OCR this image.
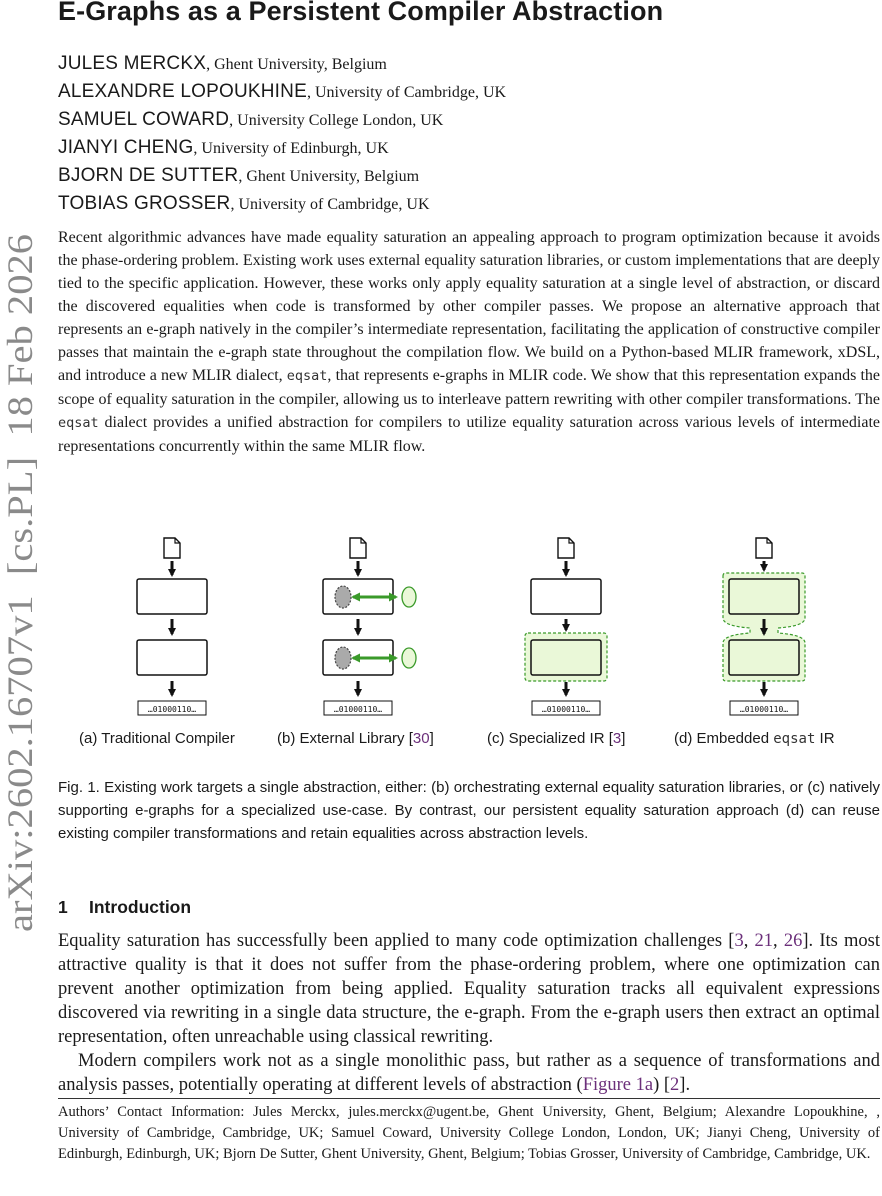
arXiv:2602.16707v1  [cs.PL]  18 Feb 2026
E-Graphs as a Persistent Compiler Abstraction
JULES MERCKX, Ghent University, Belgium
ALEXANDRE LOPOUKHINE, University of Cambridge, UK
SAMUEL COWARD, University College London, UK
JIANYI CHENG, University of Edinburgh, UK
BJORN DE SUTTER, Ghent University, Belgium
TOBIAS GROSSER, University of Cambridge, UK
Recent algorithmic advances have made equality saturation an appealing approach to program optimization because it avoids the phase-ordering problem. Existing work uses external equality saturation libraries, or custom implementations that are deeply tied to the specific application. However, these works only apply equality saturation at a single level of abstraction, or discard the discovered equalities when code is transformed by other compiler passes. We propose an alternative approach that represents an e-graph natively in the compiler’s intermediate representation, facilitating the application of constructive compiler passes that maintain the e-graph state throughout the compilation flow. We build on a Python-based MLIR framework, xDSL, and introduce a new MLIR dialect, eqsat, that represents e-graphs in MLIR code. We show that this representation expands the scope of equality saturation in the compiler, allowing us to interleave pattern rewriting with other compiler transformations. The eqsat dialect provides a unified abstraction for compilers to utilize equality saturation across various levels of intermediate representations concurrently within the same MLIR flow.
…01000110…	…01000110…	…01000110…	…01000110…
(a) Traditional Compiler	(b) External Library [30]	(c) Specialized IR [3]	(d) Embedded eqsat IR
Fig. 1. Existing work targets a single abstraction, either: (b) orchestrating external equality saturation libraries, or (c) natively supporting e-graphs for a specialized use-case. By contrast, our persistent equality saturation approach (d) can reuse existing compiler transformations and retain equalities across abstraction levels.
1 Introduction

Equality saturation has successfully been applied to many code optimization challenges [3, 21, 26]. Its most attractive quality is that it does not suffer from the phase-ordering problem, where one optimization can prevent another optimization from being applied. Equality saturation tracks all equivalent expressions discovered via rewriting in a single data structure, the e-graph. From the e-graph users then extract an optimal representation, often unreachable using classical rewriting.

Modern compilers work not as a single monolithic pass, but rather as a sequence of transformations and analysis passes, potentially operating at different levels of abstraction (Figure 1a) [2].

Authors’ Contact Information: Jules Merckx, jules.merckx@ugent.be, Ghent University, Ghent, Belgium; Alexandre Lopoukhine, , University of Cambridge, Cambridge, UK; Samuel Coward, University College London, London, UK; Jianyi Cheng, University of Edinburgh, Edinburgh, UK; Bjorn De Sutter, Ghent University, Ghent, Belgium; Tobias Grosser, University of Cambridge, Cambridge, UK.
